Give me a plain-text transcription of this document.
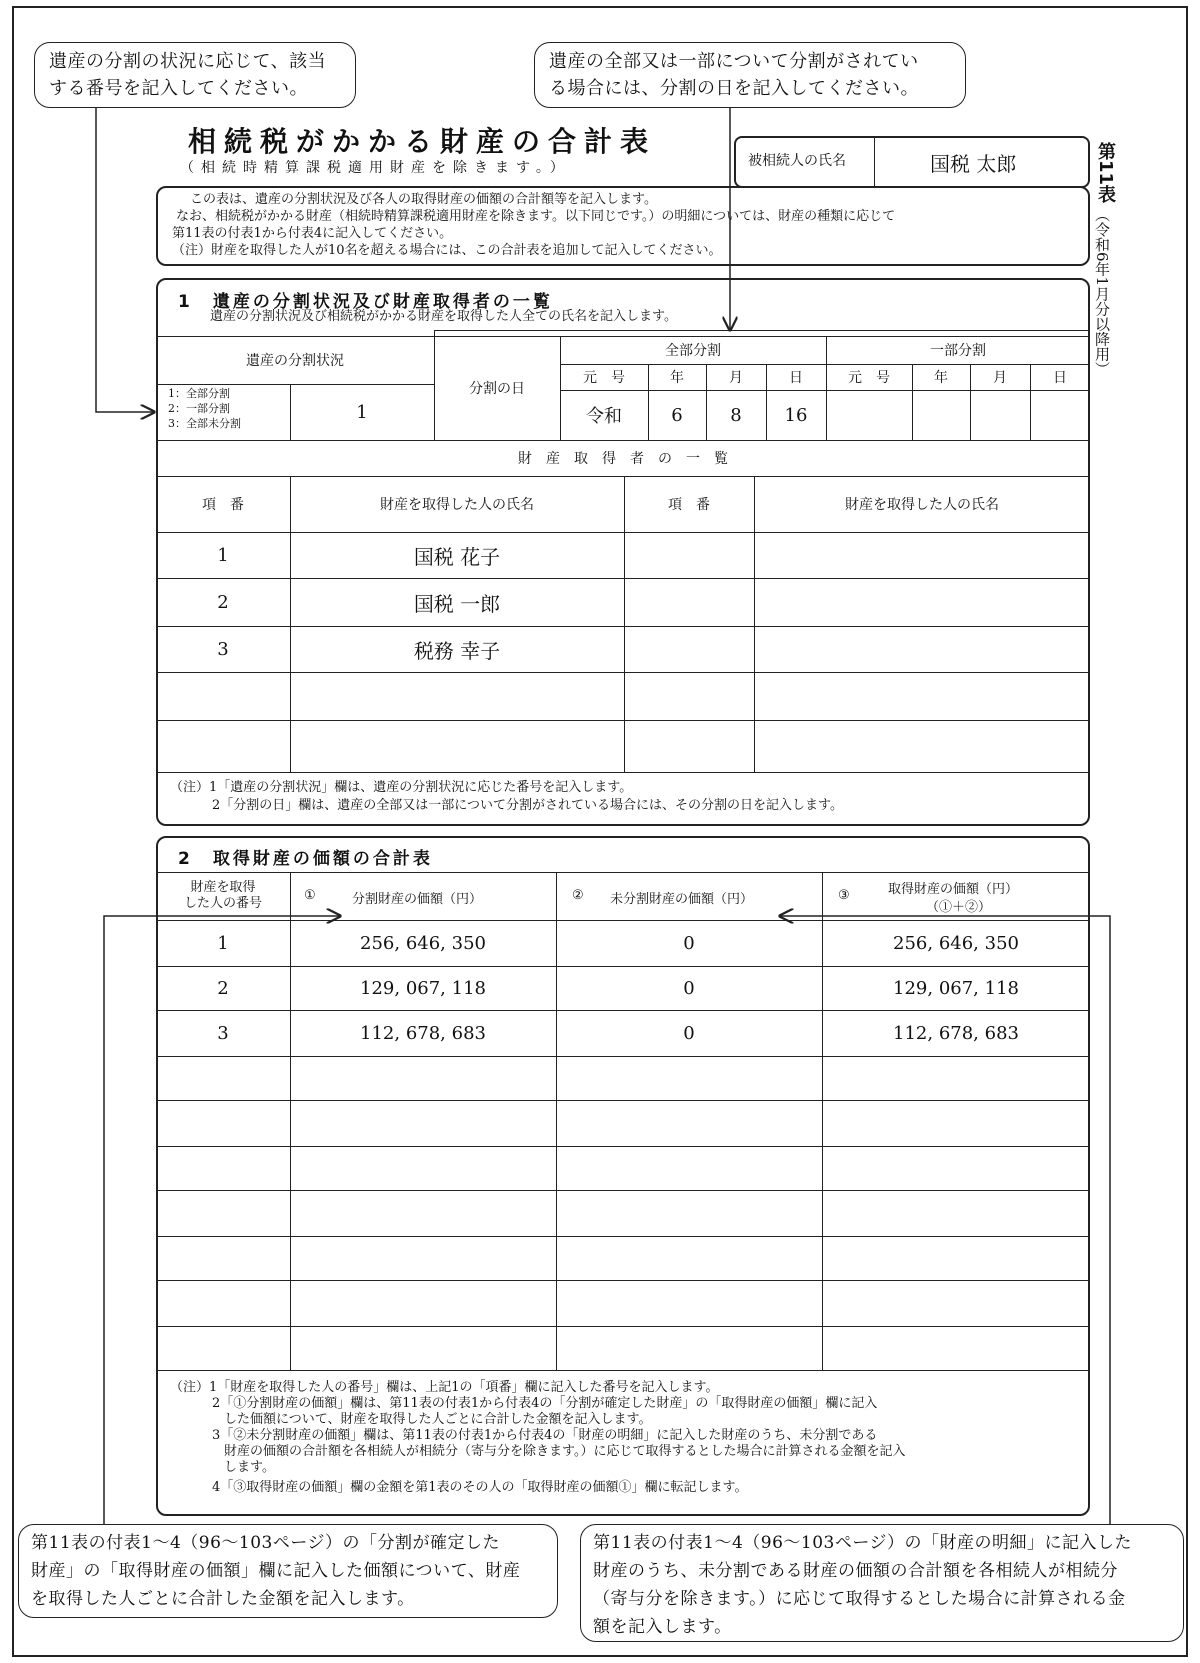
遺産の分割の状況に応じて、該当
する番号を記入してください。
遺産の全部又は一部について分割がされてい
る場合には、分割の日を記入してください。
相続税がかかる財産の合計表
（相続時精算課税適用財産を除きます。）	被相続人の氏名	国税 太郎	第11表
（令和6年1月分以降用）
この表は、遺産の分割状況及び各人の取得財産の価額の合計額等を記入します。
なお、相続税がかかる財産（相続時精算課税適用財産を除きます。以下同じです。）の明細については、財産の種類に応じて
第11表の付表1から付表4に記入してください。
（注）財産を取得した人が10名を超える場合には、この合計表を追加して記入してください。
1　遺産の分割状況及び財産取得者の一覧
遺産の分割状況及び相続税がかかる財産を取得した人全ての氏名を記入します。
遺産の分割状況
1：全部分割
2：一部分割
3：全部未分割
1
分割の日
全部分割	一部分割
元　号	年	月	日	元　号	年	月	日
令和	6	8	16
財　産　取　得　者　の　一　覧
項　番	財産を取得した人の氏名	項　番	財産を取得した人の氏名
1	国税 花子
2	国税 一郎
3	税務 幸子
（注）1「遺産の分割状況」欄は、遺産の分割状況に応じた番号を記入します。
2「分割の日」欄は、遺産の全部又は一部について分割がされている場合には、その分割の日を記入します。
2　取得財産の価額の合計表
財産を取得
した人の番号
①	分割財産の価額（円）	② 未分割財産の価額（円）	③	取得財産の価額（円）
（①＋②）
1	256, 646, 350	0	256, 646, 350
2	129, 067, 118	0	129, 067, 118
3	112, 678, 683	0	112, 678, 683
（注）1「財産を取得した人の番号」欄は、上記1の「項番」欄に記入した番号を記入します。
2「①分割財産の価額」欄は、第11表の付表1から付表4の「分割が確定した財産」の「取得財産の価額」欄に記入
した価額について、財産を取得した人ごとに合計した金額を記入します。
3「②未分割財産の価額」欄は、第11表の付表1から付表4の「財産の明細」に記入した財産のうち、未分割である
財産の価額の合計額を各相続人が相続分（寄与分を除きます。）に応じて取得するとした場合に計算される金額を記入
します。
4「③取得財産の価額」欄の金額を第1表のその人の「取得財産の価額①」欄に転記します。
第11表の付表1～4（96～103ページ）の「分割が確定した
財産」の「取得財産の価額」欄に記入した価額について、財産
を取得した人ごとに合計した金額を記入します。
第11表の付表1～4（96～103ページ）の「財産の明細」に記入した
財産のうち、未分割である財産の価額の合計額を各相続人が相続分
（寄与分を除きます。）に応じて取得するとした場合に計算される金
額を記入します。
